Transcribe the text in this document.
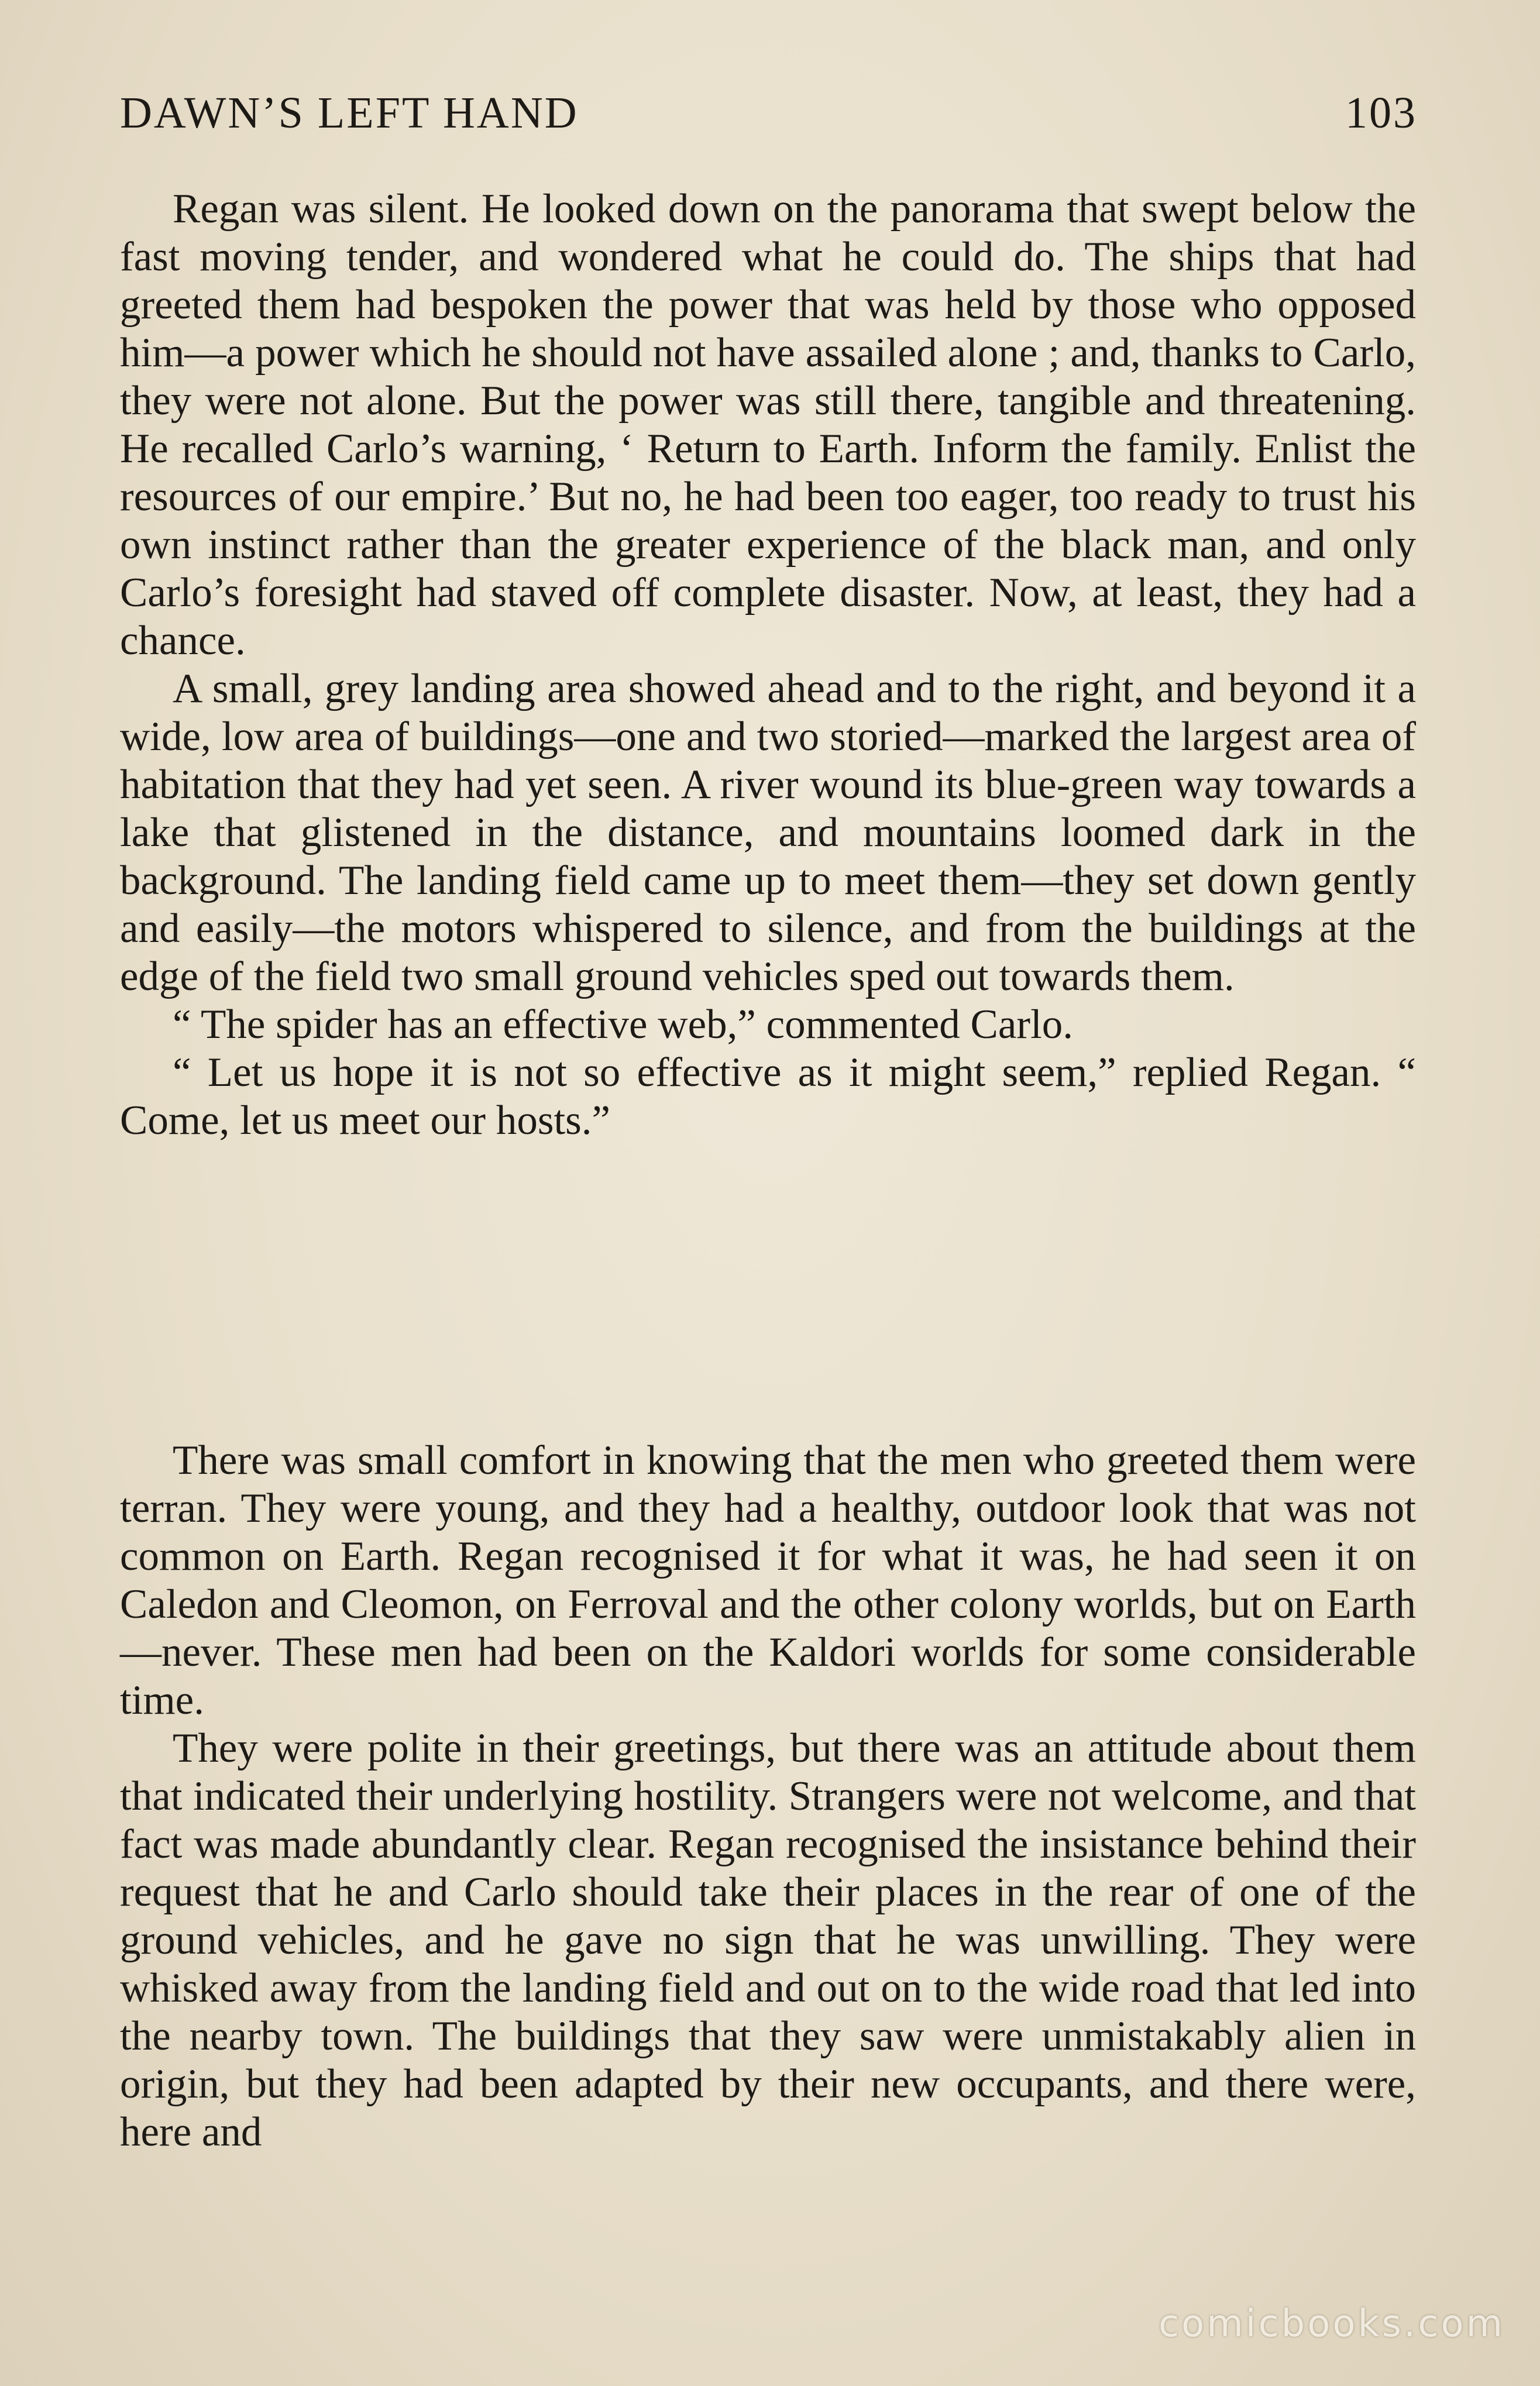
DAWN’S LEFT HAND	103

Regan was silent. He looked down on the panorama that swept below the fast moving tender, and wondered what he could do. The ships that had greeted them had bespoken the power that was held by those who opposed him—a power which he should not have assailed alone ; and, thanks to Carlo, they were not alone. But the power was still there, tangible and threatening. He recalled Carlo’s warning, ‘ Return to Earth. Inform the family. Enlist the resources of our empire.’ But no, he had been too eager, too ready to trust his own instinct rather than the greater experience of the black man, and only Carlo’s foresight had staved off complete disaster. Now, at least, they had a chance.

A small, grey landing area showed ahead and to the right, and beyond it a wide, low area of buildings—one and two storied—marked the largest area of habitation that they had yet seen. A river wound its blue-green way towards a lake that glistened in the distance, and mountains loomed dark in the background. The landing field came up to meet them—they set down gently and easily—the motors whispered to silence, and from the buildings at the edge of the field two small ground vehicles sped out towards them.

“ The spider has an effective web,” commented Carlo.

“ Let us hope it is not so effective as it might seem,” replied Regan. “ Come, let us meet our hosts.”

There was small comfort in knowing that the men who greeted them were terran. They were young, and they had a healthy, outdoor look that was not common on Earth. Regan recognised it for what it was, he had seen it on Caledon and Cleomon, on Ferroval and the other colony worlds, but on Earth—never. These men had been on the Kaldori worlds for some considerable time.

They were polite in their greetings, but there was an attitude about them that indicated their underlying hostility. Strangers were not welcome, and that fact was made abundantly clear. Regan recognised the insistance behind their request that he and Carlo should take their places in the rear of one of the ground vehicles, and he gave no sign that he was unwilling. They were whisked away from the landing field and out on to the wide road that led into the nearby town. The buildings that they saw were unmistakably alien in origin, but they had been adapted by their new occupants, and there were, here and

comicbooks.com
